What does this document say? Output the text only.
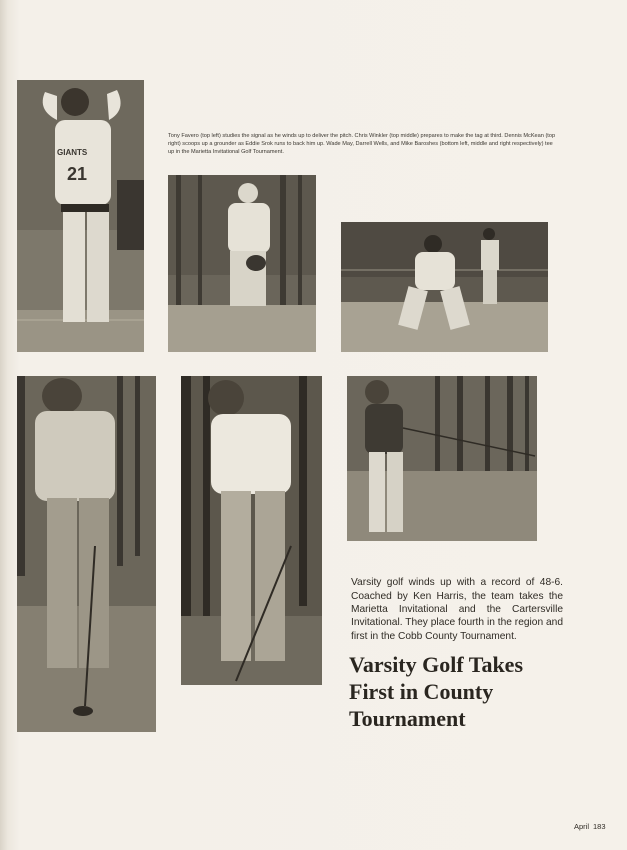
21
GIANTS

Tony Favero (top left) studies the signal as he winds up to deliver the pitch. Chris Winkler (top middle) prepares to make the tag at third. Dennis McKean (top right) scoops up a grounder as Eddie Srok runs to back him up. Wade May, Darrell Wells, and Mike Baroshes (bottom left, middle and right respectively) tee up in the Marietta Invitational Golf Tournament.

Varsity golf winds up with a record of 48-6. Coached by Ken Harris, the team takes the Marietta Invitational and the Cartersville Invitational. They place fourth in the region and first in the Cobb County Tournament.

Varsity Golf Takes
First in County
Tournament
April 183
